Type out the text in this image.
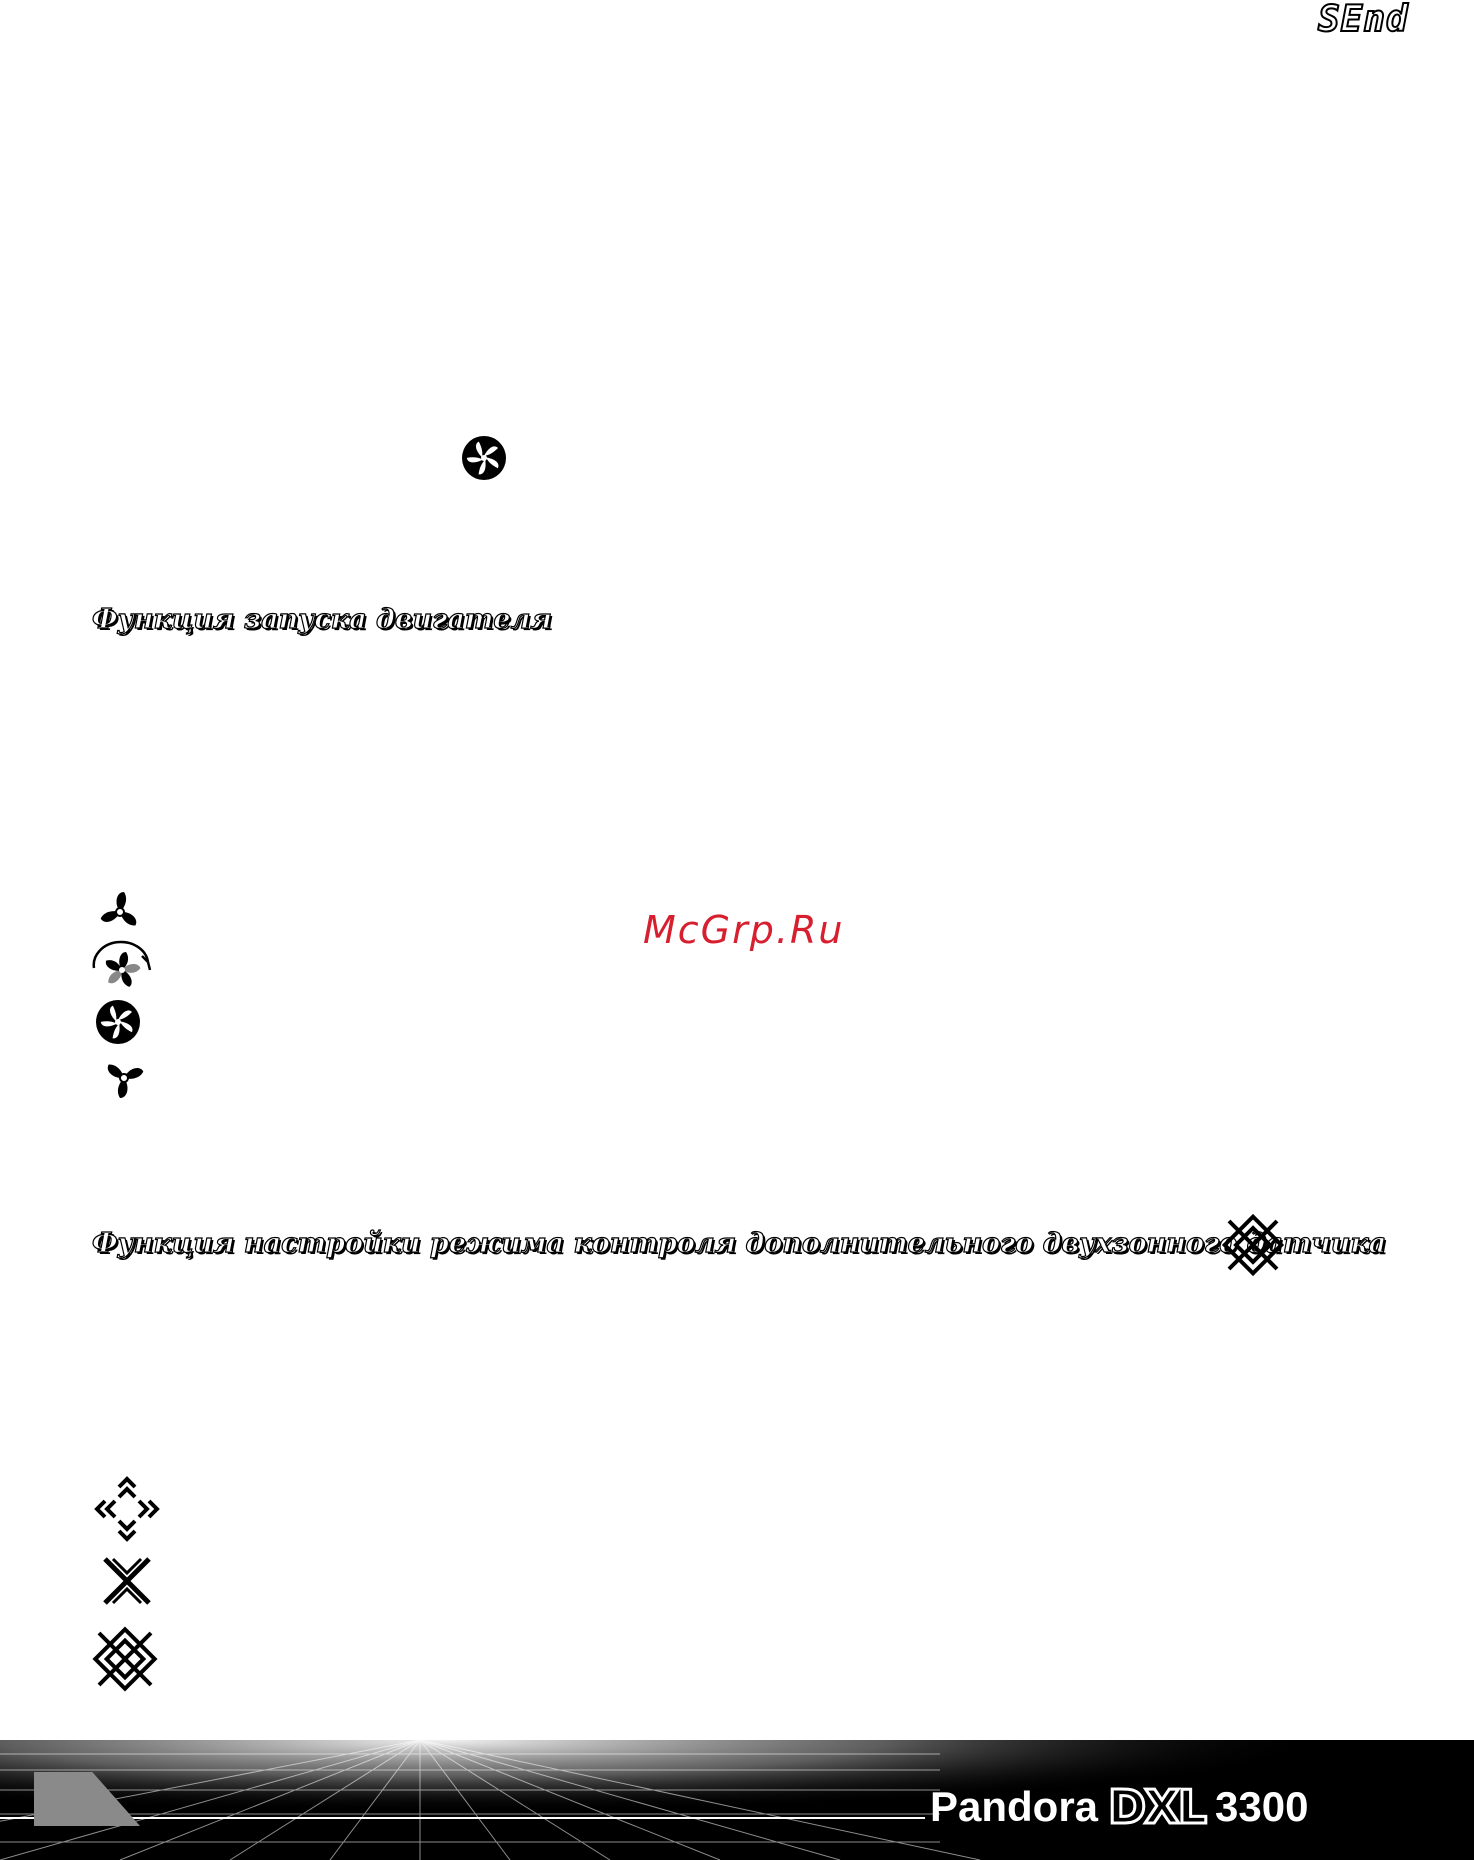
SEnd
Функция запуска двигателя
McGrp.Ru
Функция настройки режима контроля дополнительного двухзонного датчика
Pandora DXL 3300
